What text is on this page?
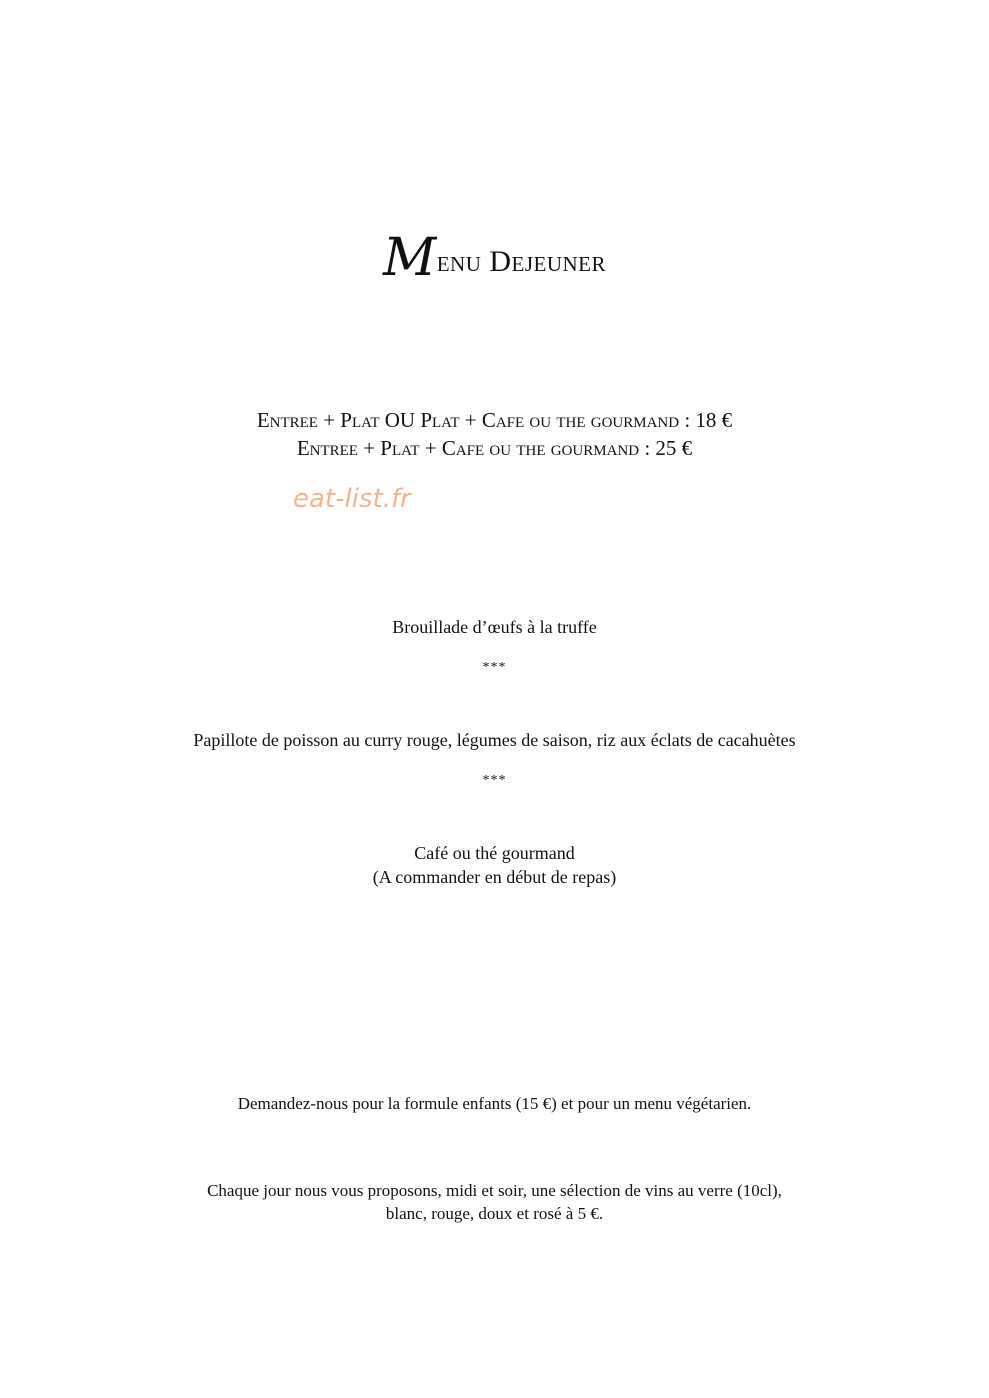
Menu Dejeuner
Entree + Plat OU Plat + Cafe ou the gourmand : 18 €
Entree + Plat + Cafe ou the gourmand : 25 €
eat-list.fr
Brouillade d’œufs à la truffe
***
Papillote de poisson au curry rouge, légumes de saison, riz aux éclats de cacahuètes
***
Café ou thé gourmand
(A commander en début de repas)
Demandez-nous pour la formule enfants (15 €) et pour un menu végétarien.
Chaque jour nous vous proposons, midi et soir, une sélection de vins au verre (10cl),
blanc, rouge, doux et rosé à 5 €.
